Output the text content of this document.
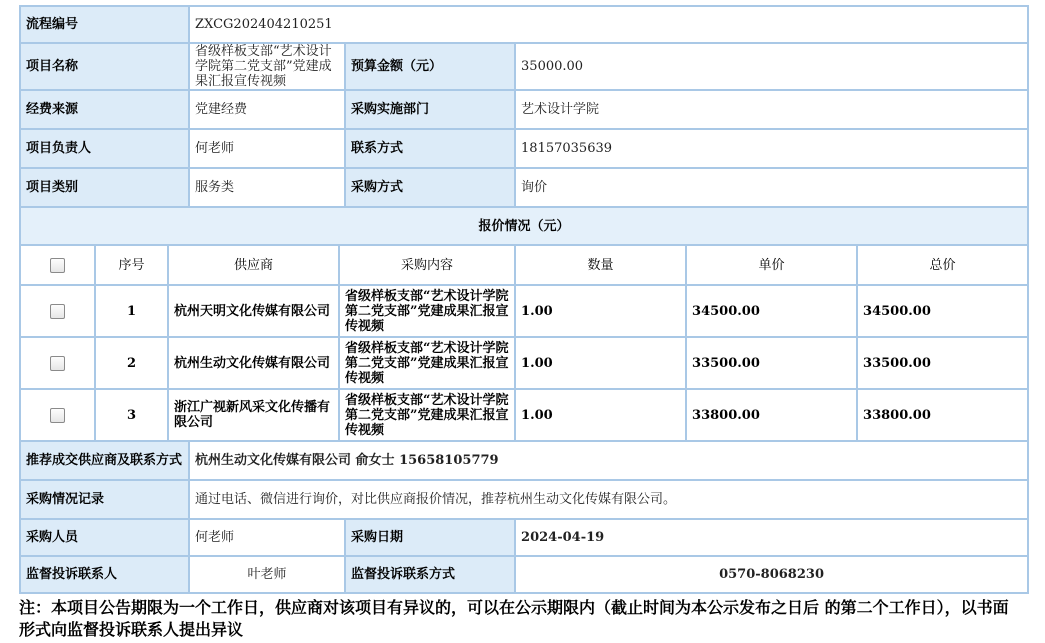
流程编号			ZXCG202404210251					
项目名称			省级样板支部“艺术设计学院第二党支部”党建成果汇报宣传视频		预算金额（元）	35000.00		
经费来源			党建经费		采购实施部门	艺术设计学院		
项目负责人			何老师		联系方式	18157035639		
项目类别			服务类		采购方式	询价		
报价情况（元）								
	序号	供应商		采购内容		数量	单价	总价
	1	杭州天明文化传媒有限公司		省级样板支部“艺术设计学院第二党支部”党建成果汇报宣传视频		1.00	34500.00	34500.00
	2	杭州生动文化传媒有限公司		省级样板支部“艺术设计学院第二党支部”党建成果汇报宣传视频		1.00	33500.00	33500.00
	3	浙江广视新风采文化传播有限公司		省级样板支部“艺术设计学院第二党支部”党建成果汇报宣传视频		1.00	33800.00	33800.00
推荐成交供应商及联系方式			杭州生动文化传媒有限公司 俞女士 15658105779					
采购情况记录			通过电话、微信进行询价，对比供应商报价情况，推荐杭州生动文化传媒有限公司。					
采购人员			何老师		采购日期	2024-04-19		
监督投诉联系人			叶老师		监督投诉联系方式	0570-8068230		
注：本项目公告期限为一个工作日，供应商对该项目有异议的，可以在公示期限内（截止时间为本公示发布之日后 的第二个工作日），以书面形式向监督投诉联系人提出异议
